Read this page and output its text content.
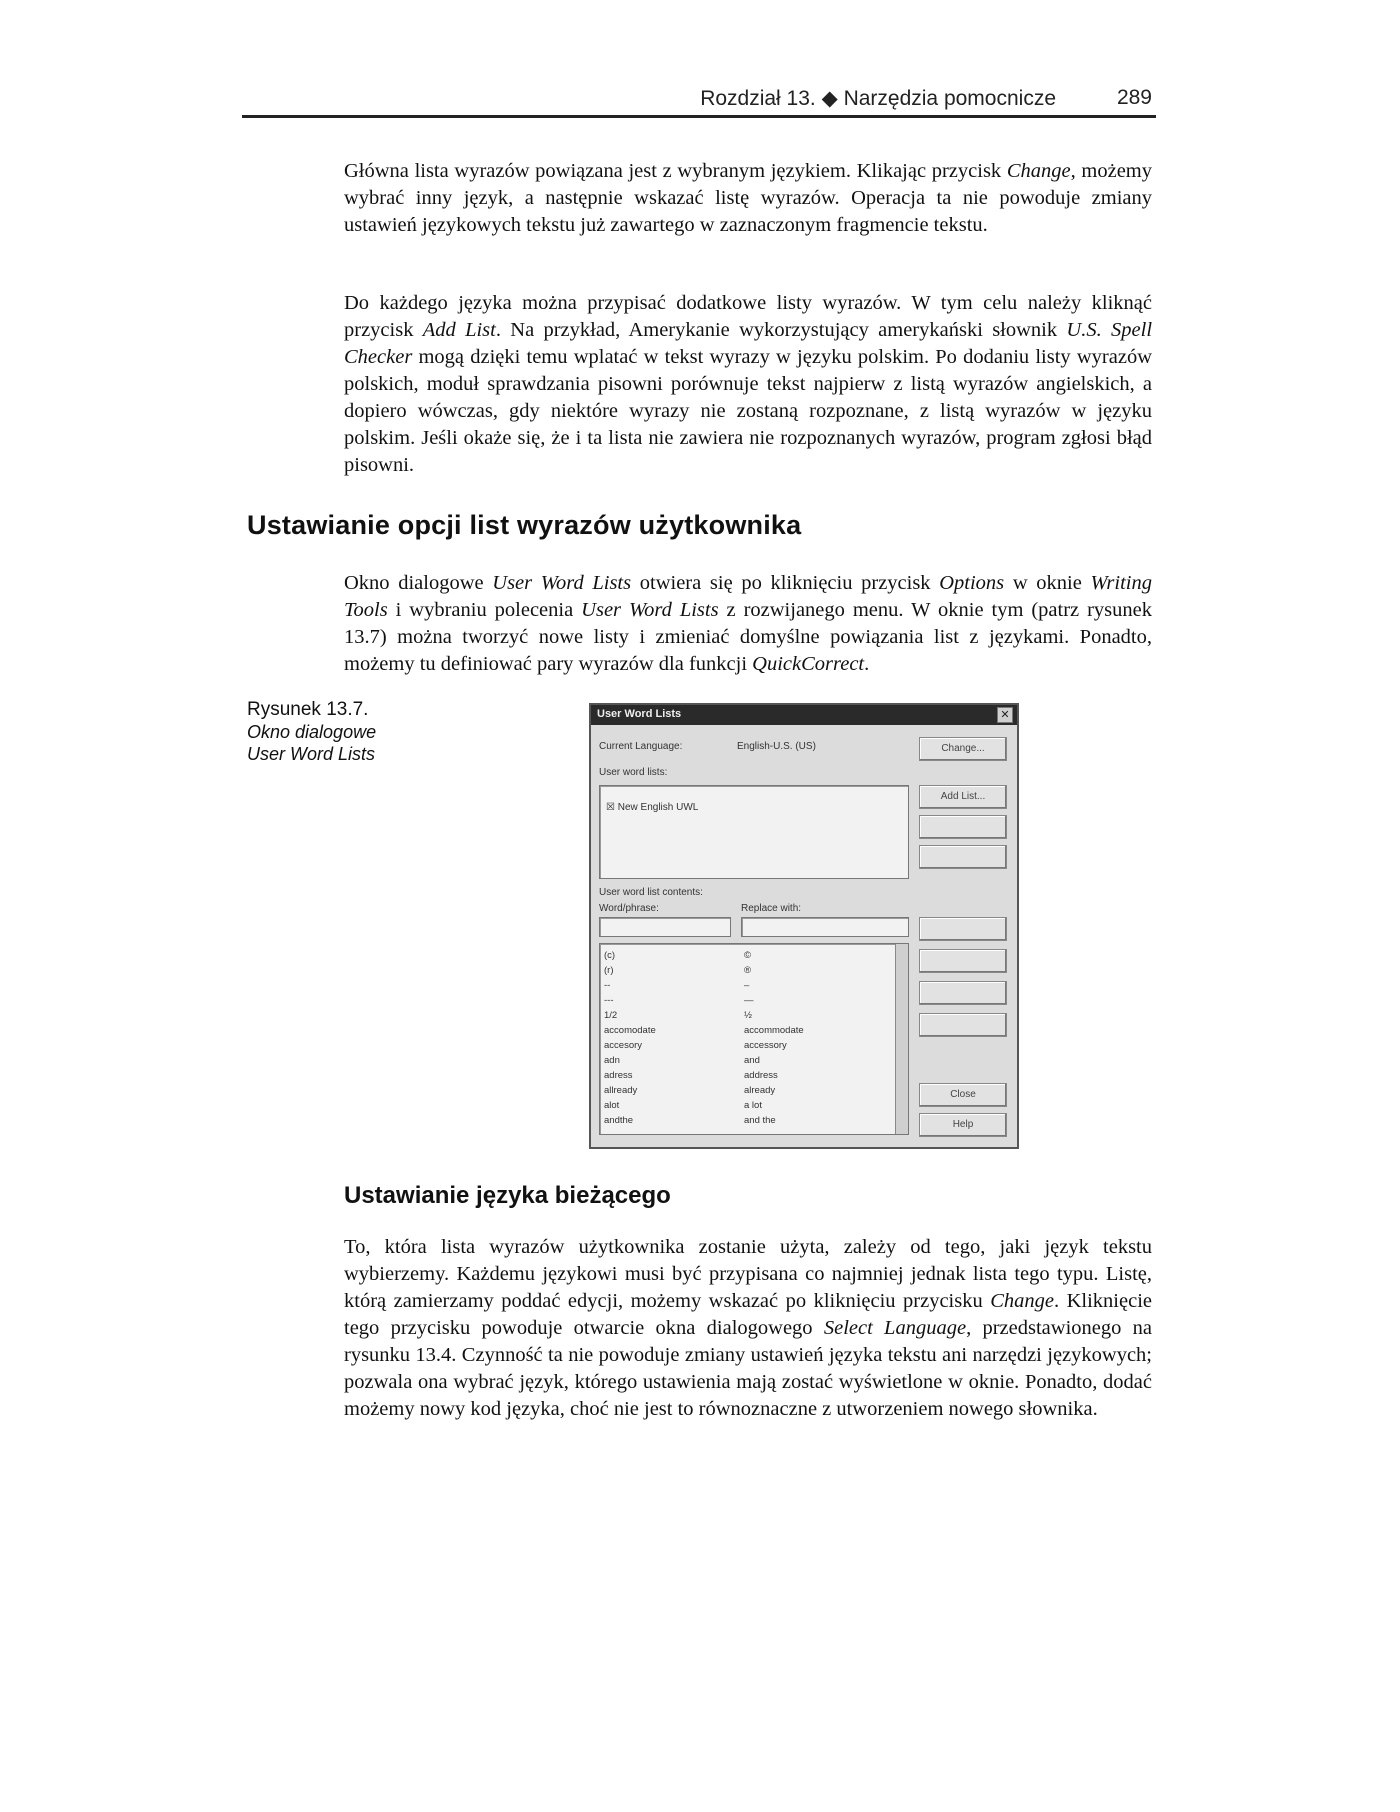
Rozdział 13. ◆ Narzędzia pomocnicze	289
Główna lista wyrazów powiązana jest z wybranym językiem. Klikając przycisk Change, możemy wybrać inny język, a następnie wskazać listę wyrazów. Operacja ta nie powoduje zmiany ustawień językowych tekstu już zawartego w zaznaczonym fragmencie tekstu.
Do każdego języka można przypisać dodatkowe listy wyrazów. W tym celu należy kliknąć przycisk Add List. Na przykład, Amerykanie wykorzystujący amerykański słownik U.S. Spell Checker mogą dzięki temu wplatać w tekst wyrazy w języku polskim. Po dodaniu listy wyrazów polskich, moduł sprawdzania pisowni porównuje tekst najpierw z listą wyrazów angielskich, a dopiero wówczas, gdy niektóre wyrazy nie zostaną rozpoznane, z listą wyrazów w języku polskim. Jeśli okaże się, że i ta lista nie zawiera nie rozpoznanych wyrazów, program zgłosi błąd pisowni.
Ustawianie opcji list wyrazów użytkownika
Okno dialogowe User Word Lists otwiera się po kliknięciu przycisk Options w oknie Writing Tools i wybraniu polecenia User Word Lists z rozwijanego menu. W oknie tym (patrz rysunek 13.7) można tworzyć nowe listy i zmieniać domyślne powiązania list z językami. Ponadto, możemy tu definiować pary wyrazów dla funkcji QuickCorrect.
Rysunek 13.7.
Okno dialogowe
User Word Lists
User Word Lists	✕
Current Language:	English-U.S. (US)	Change...
User word lists:
☒ New English UWL
Add List...
User word list contents:
Word/phrase:	Replace with:
(c)	©
(r)	®
--	–
---	—
1/2	½
accomodate	accommodate
accesory	accessory
adn	and
adress	address
allready	already
alot	a lot
andthe	and the
Close
Help
Ustawianie języka bieżącego
To, która lista wyrazów użytkownika zostanie użyta, zależy od tego, jaki język tekstu wybierzemy. Każdemu językowi musi być przypisana co najmniej jednak lista tego typu. Listę, którą zamierzamy poddać edycji, możemy wskazać po kliknięciu przycisku Change. Kliknięcie tego przycisku powoduje otwarcie okna dialogowego Select Language, przedstawionego na rysunku 13.4. Czynność ta nie powoduje zmiany ustawień języka tekstu ani narzędzi językowych; pozwala ona wybrać język, którego ustawienia mają zostać wyświetlone w oknie. Ponadto, dodać możemy nowy kod języka, choć nie jest to równoznaczne z utworzeniem nowego słownika.
